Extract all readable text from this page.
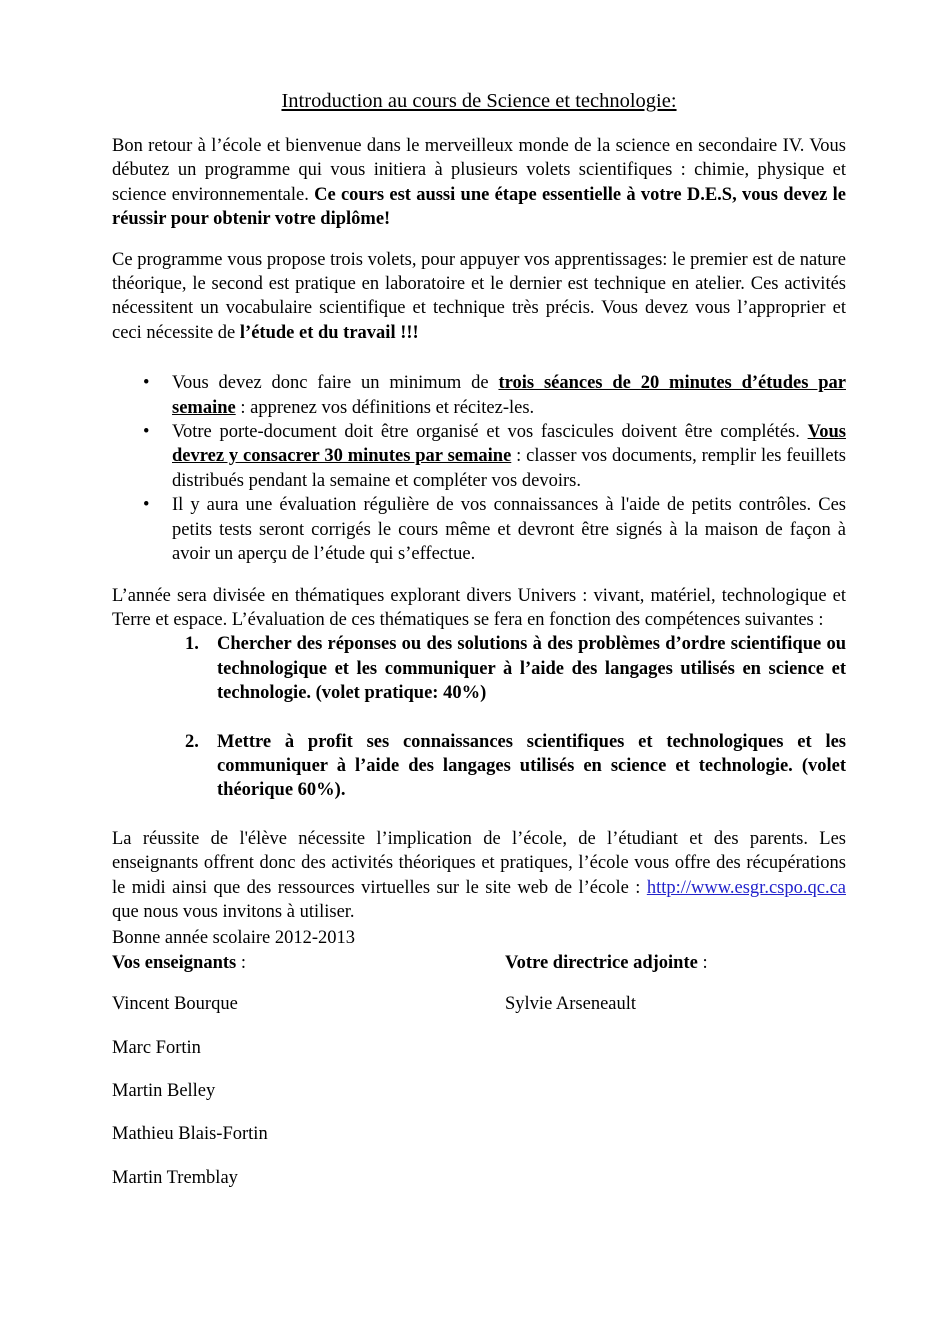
Introduction au cours de Science et technologie:

Bon retour à l’école et bienvenue dans le merveilleux monde de la science en secondaire IV. Vous débutez un programme qui vous initiera à plusieurs volets scientifiques : chimie, physique et science environnementale. Ce cours est aussi une étape essentielle à votre D.E.S, vous devez le réussir pour obtenir votre diplôme!

Ce programme vous propose trois volets, pour appuyer vos apprentissages: le premier est de nature théorique, le second est pratique en laboratoire et le dernier est technique en atelier. Ces activités nécessitent un vocabulaire scientifique et technique très précis. Vous devez vous l’approprier et ceci nécessite de l’étude et du travail !!!

• Vous devez donc faire un minimum de trois séances de 20 minutes d’études par semaine : apprenez vos définitions et récitez-les.
• Votre porte-document doit être organisé et vos fascicules doivent être complétés. Vous devrez y consacrer 30 minutes par semaine : classer vos documents, remplir les feuillets distribués pendant la semaine et compléter vos devoirs.
• Il y aura une évaluation régulière de vos connaissances à l'aide de petits contrôles. Ces petits tests seront corrigés le cours même et devront être signés à la maison de façon à avoir un aperçu de l’étude qui s’effectue.

L’année sera divisée en thématiques explorant divers Univers : vivant, matériel, technologique et Terre et espace. L’évaluation de ces thématiques se fera en fonction des compétences suivantes :

1. Chercher des réponses ou des solutions à des problèmes d’ordre scientifique ou technologique et les communiquer à l’aide des langages utilisés en science et technologie. (volet pratique: 40%)
2. Mettre à profit ses connaissances scientifiques et technologiques et les communiquer à l’aide des langages utilisés en science et technologie. (volet théorique 60%).

La réussite de l'élève nécessite l’implication de l’école, de l’étudiant et des parents. Les enseignants offrent donc des activités théoriques et pratiques, l’école vous offre des récupérations le midi ainsi que des ressources virtuelles sur le site web de l’école : http://www.esgr.cspo.qc.ca que nous vous invitons à utiliser.

Bonne année scolaire 2012-2013

Vos enseignants :	Votre directrice adjointe :

Vincent Bourque	Sylvie Arseneault

Marc Fortin

Martin Belley

Mathieu Blais-Fortin

Martin Tremblay
